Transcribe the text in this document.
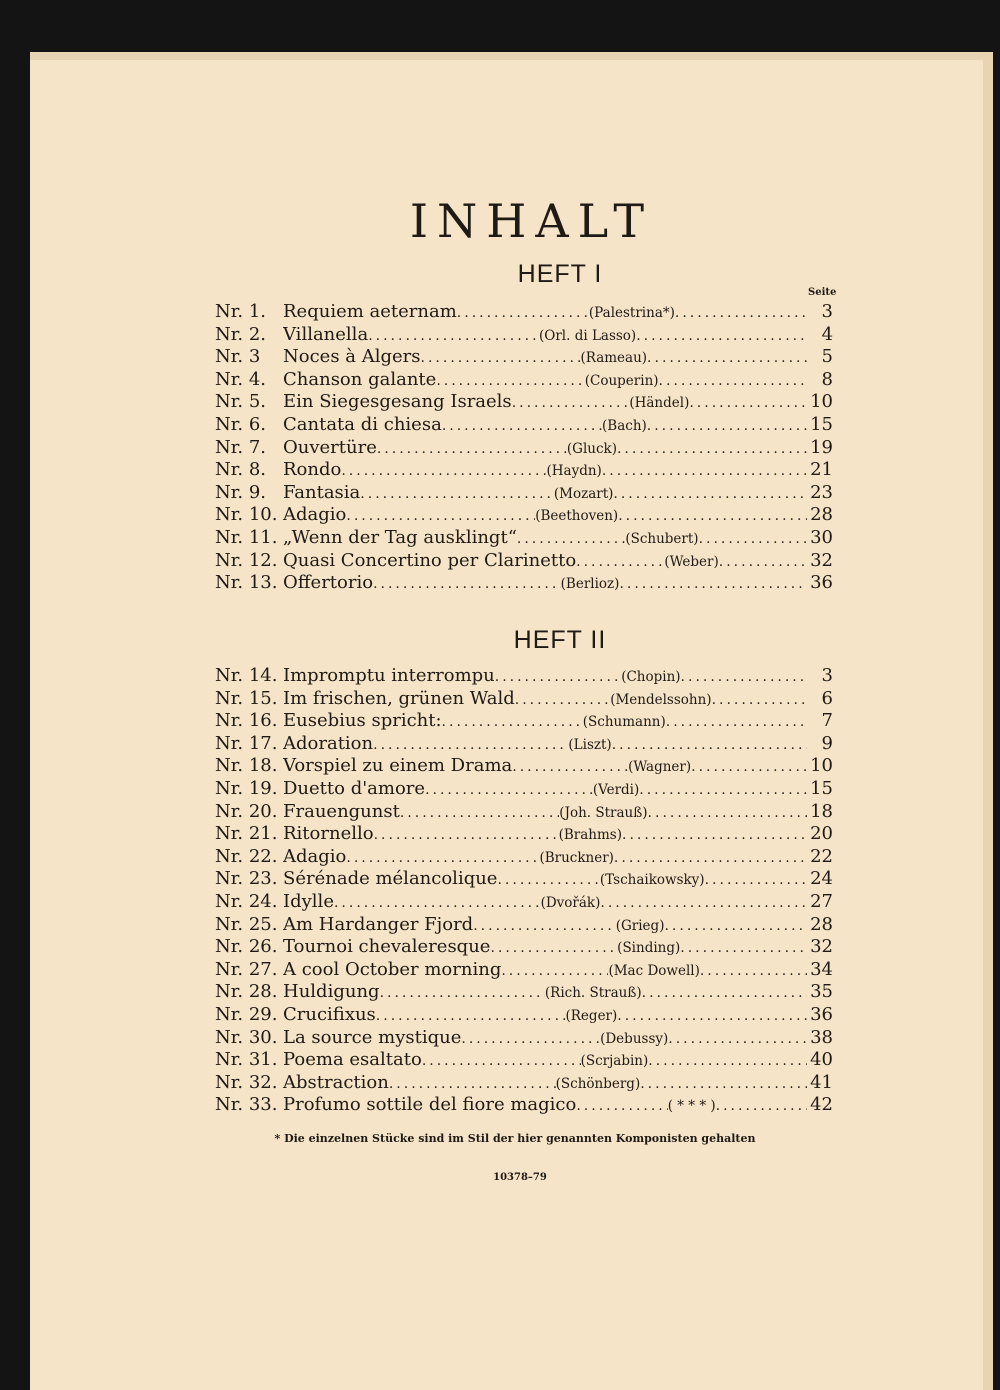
INHALT
HEFT I
Seite
Nr. 1. Requiem aeternam .....	(Palestrina*) .....	3
Nr. 2. Villanella .....	(Orl. di Lasso) .....	4
Nr. 3	Noces à Algers .....	(Rameau) .....	5
Nr. 4. Chanson galante .....	(Couperin) .....	8
Nr. 5. Ein Siegesgesang Israels .....	(Händel) .....	10
Nr. 6. Cantata di chiesa .....	(Bach) .....	15
Nr. 7. Ouvertüre .....	(Gluck) .....	19
Nr. 8. Rondo .....	(Haydn) .....	21
Nr. 9. Fantasia .....	(Mozart) .....	23
Nr. 10. Adagio .....	(Beethoven) .....	28
Nr. 11. „Wenn der Tag ausklingt“ .....	(Schubert) .....	30
Nr. 12. Quasi Concertino per Clarinetto .....	(Weber) .....	32
Nr. 13. Offertorio .....	(Berlioz) .....	36
HEFT II
Nr. 14. Impromptu interrompu .....	(Chopin) .....	3
Nr. 15. Im frischen, grünen Wald .....	(Mendelssohn) .....	6
Nr. 16. Eusebius spricht: .....	(Schumann) .....	7
Nr. 17. Adoration .....	(Liszt) .....	9
Nr. 18. Vorspiel zu einem Drama .....	(Wagner) .....	10
Nr. 19. Duetto d'amore .....	(Verdi) .....	15
Nr. 20. Frauengunst .....	(Joh. Strauß) .....	18
Nr. 21. Ritornello .....	(Brahms) .....	20
Nr. 22. Adagio .....	(Bruckner) .....	22
Nr. 23. Sérénade mélancolique .....	(Tschaikowsky) .....	24
Nr. 24. Idylle .....	(Dvořák) .....	27
Nr. 25. Am Hardanger Fjord .....	(Grieg) .....	28
Nr. 26. Tournoi chevaleresque .....	(Sinding) .....	32
Nr. 27. A cool October morning .....	(Mac Dowell) .....	34
Nr. 28. Huldigung .....	(Rich. Strauß) .....	35
Nr. 29. Crucifixus .....	(Reger) .....	36
Nr. 30. La source mystique .....	(Debussy) .....	38
Nr. 31. Poema esaltato .....	(Scrjabin) .....	40
Nr. 32. Abstraction .....	(Schönberg) .....	41
Nr. 33. Profumo sottile del fiore magico .....	( * * * ) .....	42
* Die einzelnen Stücke sind im Stil der hier genannten Komponisten gehalten
10378–79
